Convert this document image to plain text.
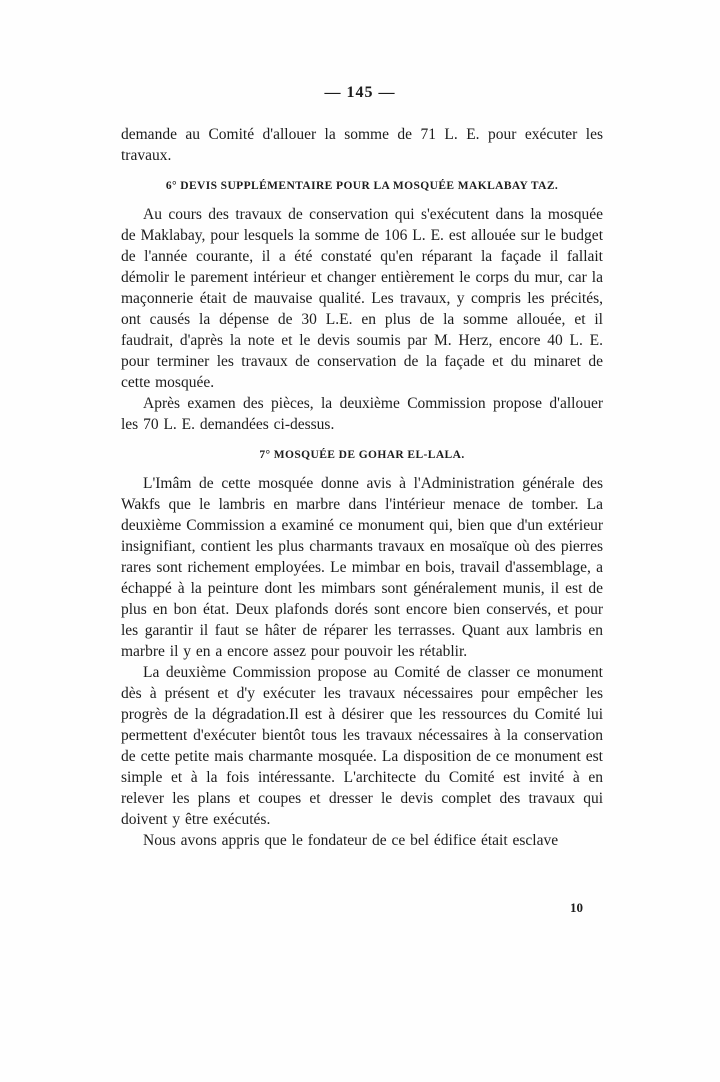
— 145 —

demande au Comité d'allouer la somme de 71 L. E. pour exécuter les travaux.

6° DEVIS SUPPLÉMENTAIRE POUR LA MOSQUÉE MAKLABAY TAZ.

Au cours des travaux de conservation qui s'exécutent dans la mosquée de Maklabay, pour lesquels la somme de 106 L. E. est allouée sur le budget de l'année courante, il a été constaté qu'en réparant la façade il fallait démolir le parement intérieur et changer entièrement le corps du mur, car la maçonnerie était de mauvaise qualité. Les travaux, y compris les précités, ont causés la dépense de 30 L.E. en plus de la somme allouée, et il faudrait, d'après la note et le devis soumis par M. Herz, encore 40 L. E. pour terminer les travaux de conservation de la façade et du minaret de cette mosquée.

Après examen des pièces, la deuxième Commission propose d'allouer les 70 L. E. demandées ci-dessus.

7° MOSQUÉE DE GOHAR EL-LALA.

L'Imâm de cette mosquée donne avis à l'Administration générale des Wakfs que le lambris en marbre dans l'intérieur menace de tomber. La deuxième Commission a examiné ce monument qui, bien que d'un extérieur insignifiant, contient les plus charmants travaux en mosaïque où des pierres rares sont richement employées. Le mimbar en bois, travail d'assemblage, a échappé à la peinture dont les mimbars sont généralement munis, il est de plus en bon état. Deux plafonds dorés sont encore bien conservés, et pour les garantir il faut se hâter de réparer les terrasses. Quant aux lambris en marbre il y en a encore assez pour pouvoir les rétablir.

La deuxième Commission propose au Comité de classer ce monument dès à présent et d'y exécuter les travaux nécessaires pour empêcher les progrès de la dégradation.Il est à désirer que les ressources du Comité lui permettent d'exécuter bientôt tous les travaux nécessaires à la conservation de cette petite mais charmante mosquée. La disposition de ce monument est simple et à la fois intéressante. L'architecte du Comité est invité à en relever les plans et coupes et dresser le devis complet des travaux qui doivent y être exécutés.

Nous avons appris que le fondateur de ce bel édifice était esclave

10
